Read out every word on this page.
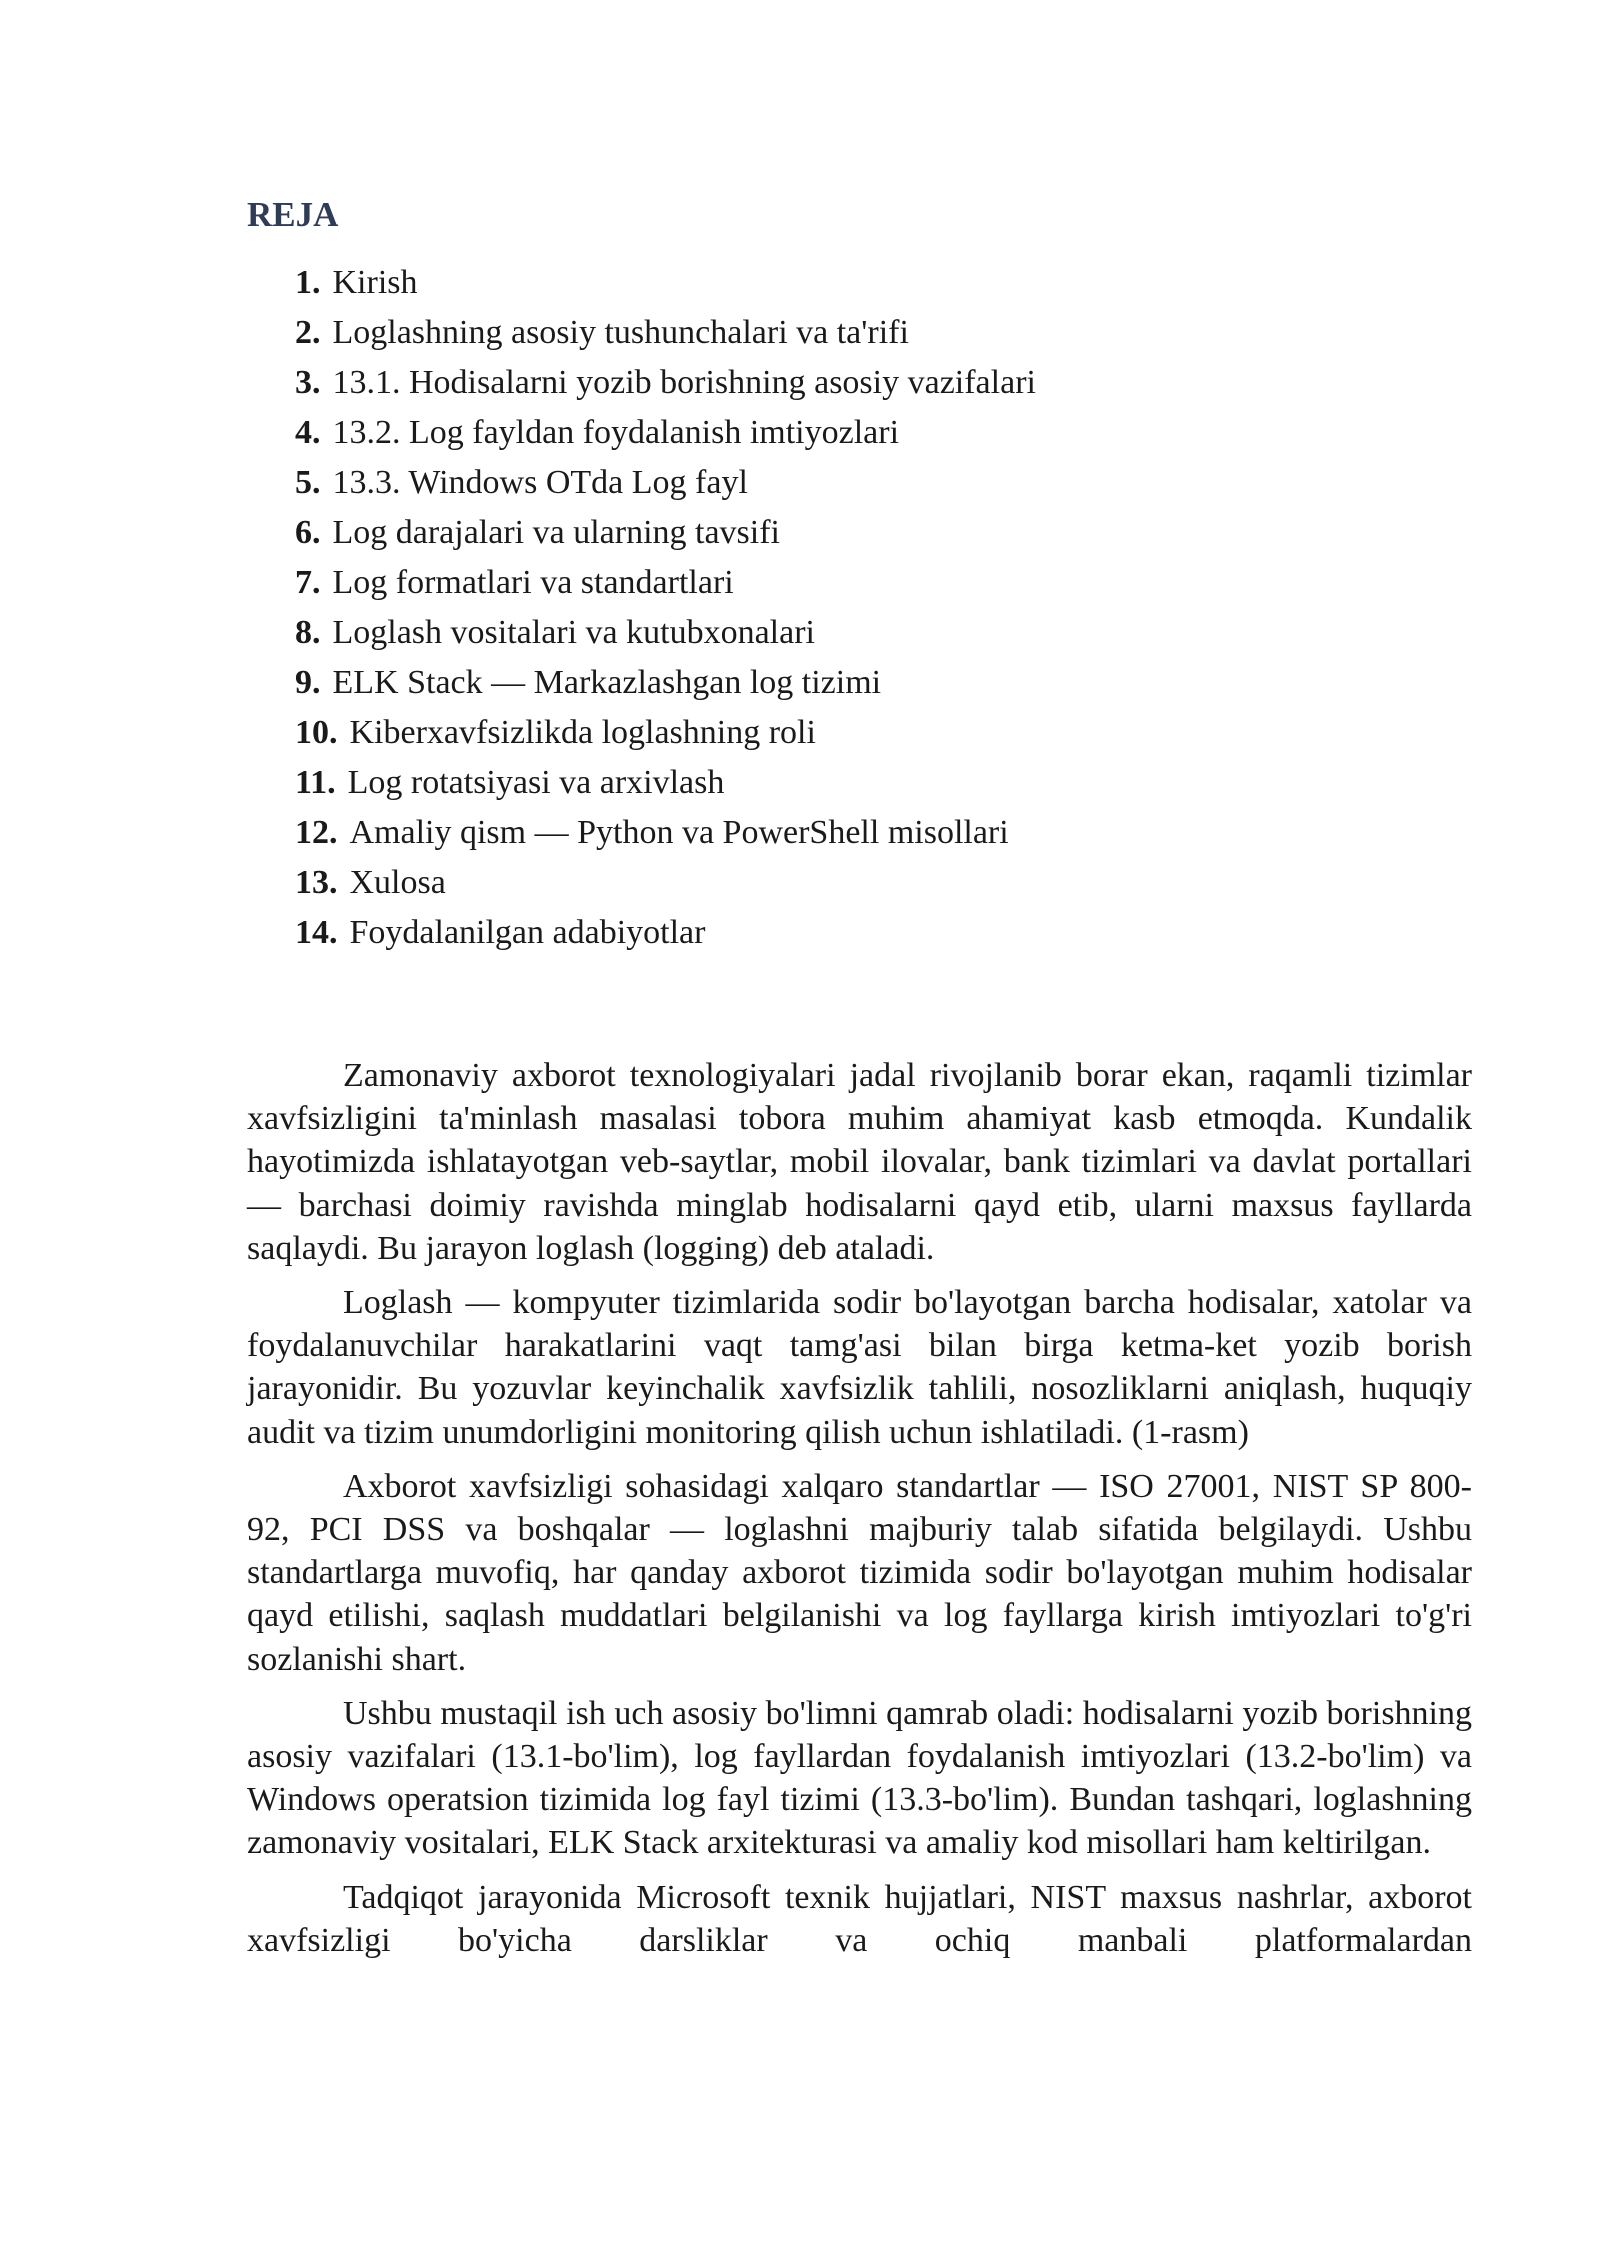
REJA
1. Kirish
2. Loglashning asosiy tushunchalari va ta'rifi
3. 13.1. Hodisalarni yozib borishning asosiy vazifalari
4. 13.2. Log fayldan foydalanish imtiyozlari
5. 13.3. Windows OTda Log fayl
6. Log darajalari va ularning tavsifi
7. Log formatlari va standartlari
8. Loglash vositalari va kutubxonalari
9. ELK Stack — Markazlashgan log tizimi
10. Kiberxavfsizlikda loglashning roli
11. Log rotatsiyasi va arxivlash
12. Amaliy qism — Python va PowerShell misollari
13. Xulosa
14. Foydalanilgan adabiyotlar

Zamonaviy axborot texnologiyalari jadal rivojlanib borar ekan, raqamli tizimlar xavfsizligini ta'minlash masalasi tobora muhim ahamiyat kasb etmoqda. Kundalik hayotimizda ishlatayotgan veb-saytlar, mobil ilovalar, bank tizimlari va davlat portallari — barchasi doimiy ravishda minglab hodisalarni qayd etib, ularni maxsus fayllarda saqlaydi. Bu jarayon loglash (logging) deb ataladi.

Loglash — kompyuter tizimlarida sodir bo'layotgan barcha hodisalar, xatolar va foydalanuvchilar harakatlarini vaqt tamg'asi bilan birga ketma-ket yozib borish jarayonidir. Bu yozuvlar keyinchalik xavfsizlik tahlili, nosozliklarni aniqlash, huquqiy audit va tizim unumdorligini monitoring qilish uchun ishlatiladi. (1-rasm)

Axborot xavfsizligi sohasidagi xalqaro standartlar — ISO 27001, NIST SP 800-92, PCI DSS va boshqalar — loglashni majburiy talab sifatida belgilaydi. Ushbu standartlarga muvofiq, har qanday axborot tizimida sodir bo'layotgan muhim hodisalar qayd etilishi, saqlash muddatlari belgilanishi va log fayllarga kirish imtiyozlari to'g'ri sozlanishi shart.

Ushbu mustaqil ish uch asosiy bo'limni qamrab oladi: hodisalarni yozib borishning asosiy vazifalari (13.1-bo'lim), log fayllardan foydalanish imtiyozlari (13.2-bo'lim) va Windows operatsion tizimida log fayl tizimi (13.3-bo'lim). Bundan tashqari, loglashning zamonaviy vositalari, ELK Stack arxitekturasi va amaliy kod misollari ham keltirilgan.

Tadqiqot jarayonida Microsoft texnik hujjatlari, NIST maxsus nashrlar, axborot xavfsizligi bo'yicha darsliklar va ochiq manbali platformalardan
